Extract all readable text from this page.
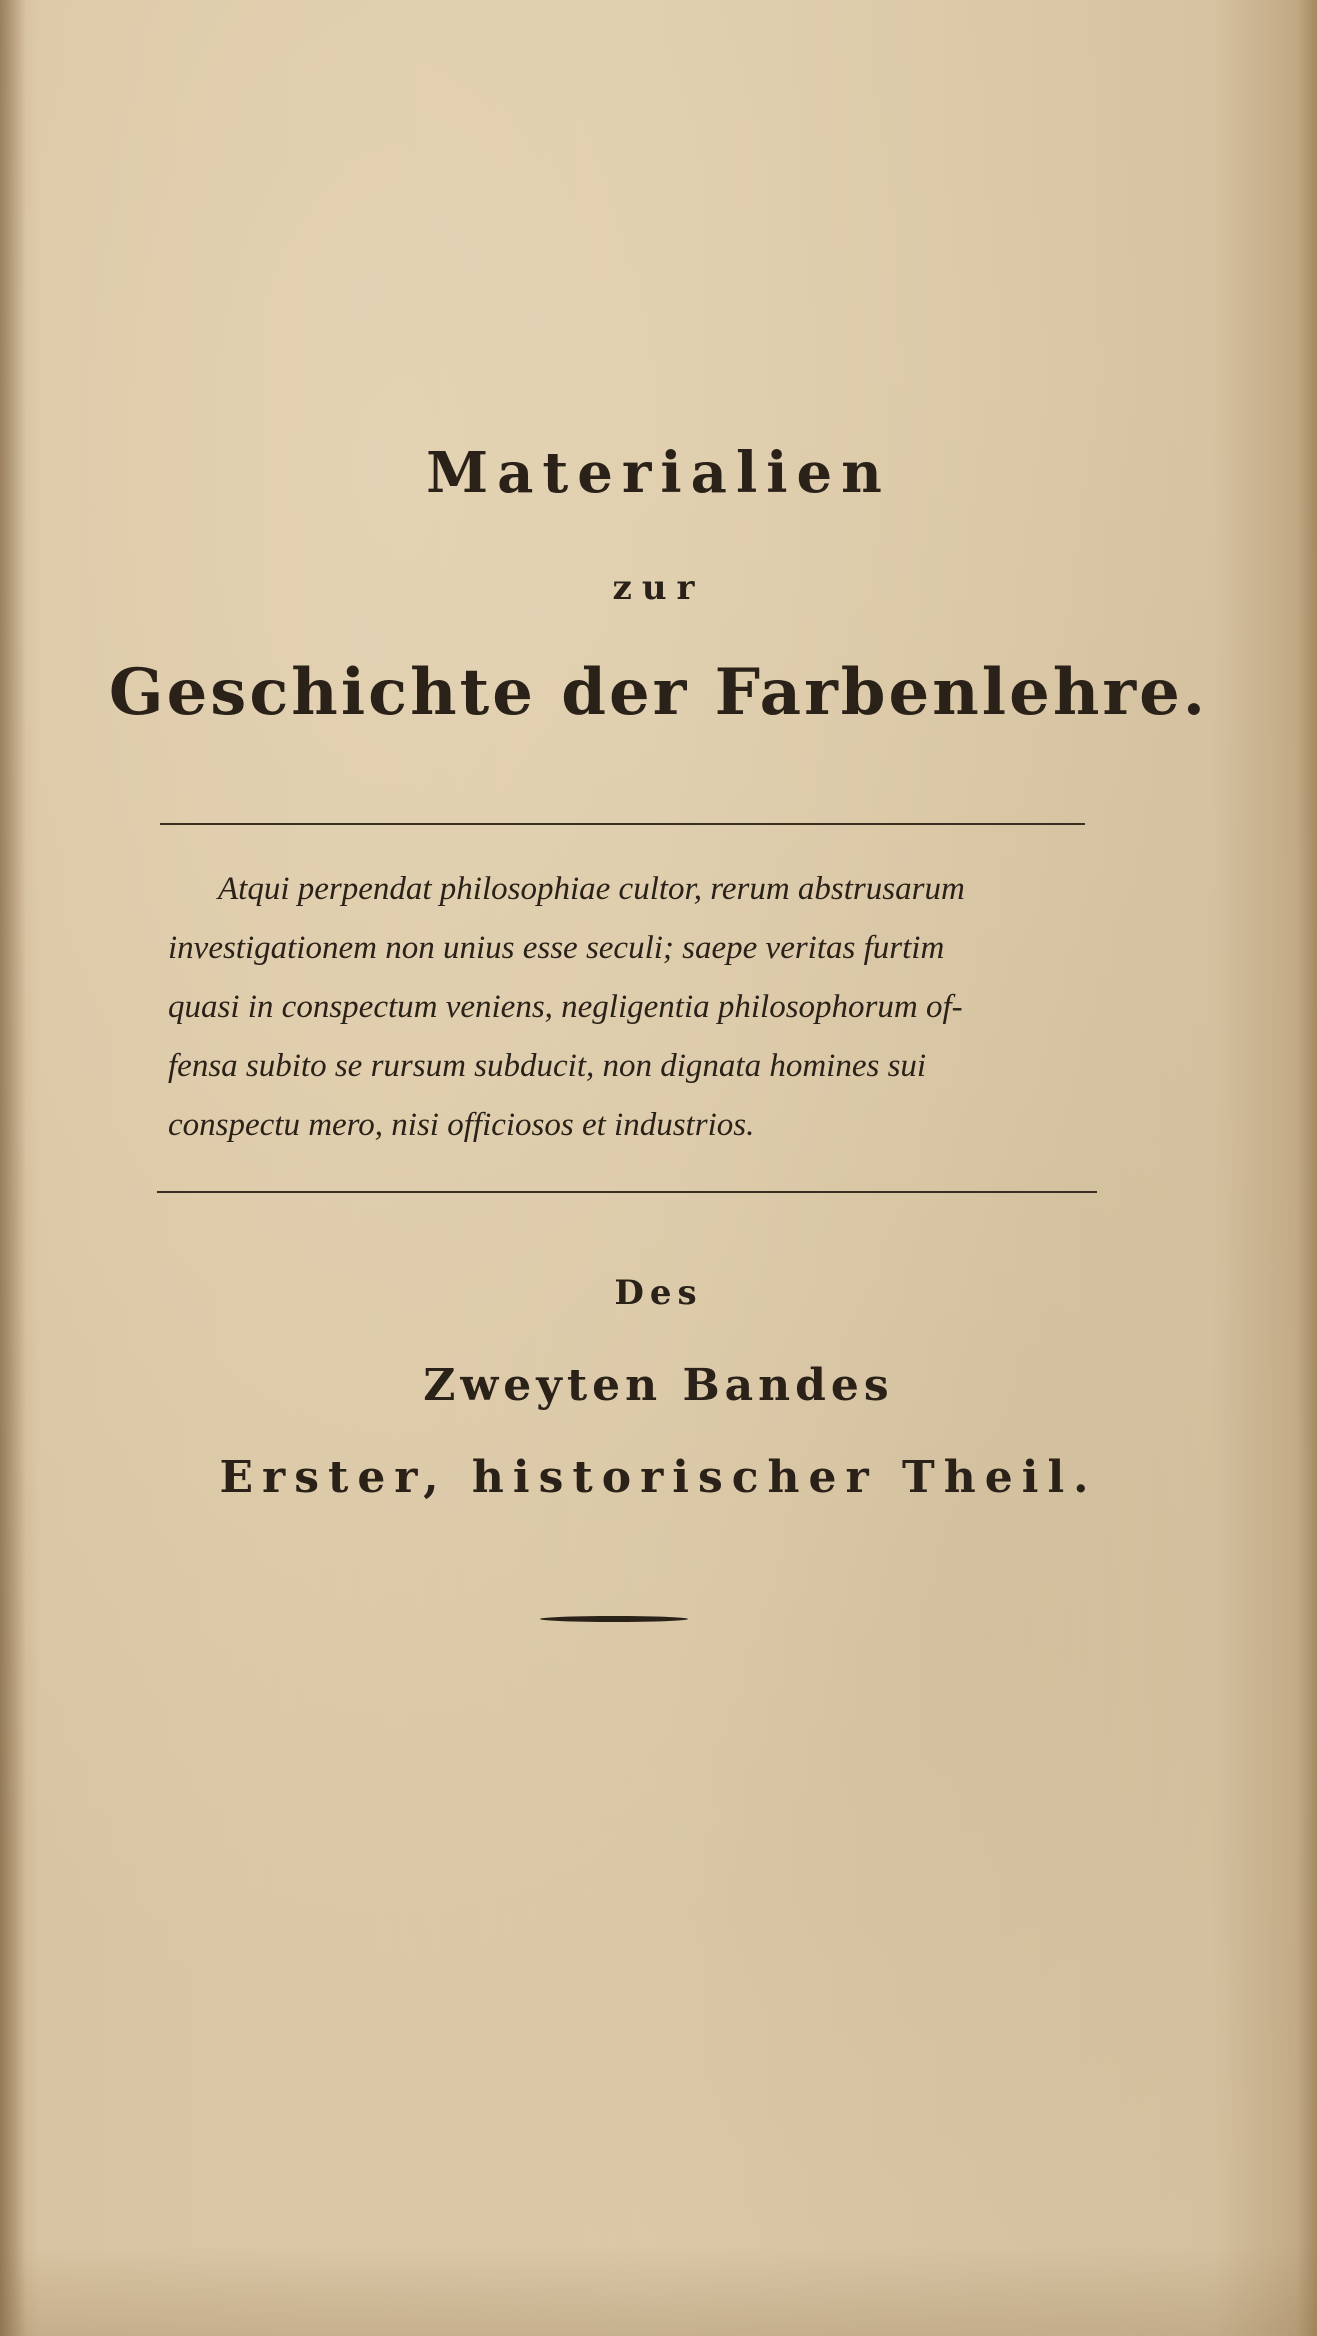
Materialien
zur
Geschichte der Farbenlehre.
Atqui perpendat philosophiae cultor, rerum abstrusarum
investigationem non unius esse seculi; saepe veritas furtim
quasi in conspectum veniens, negligentia philosophorum of-
fensa subito se rursum subducit, non dignata homines sui
conspectu mero, nisi officiosos et industrios.
Des
Zweyten Bandes
Erster, historischer Theil.
